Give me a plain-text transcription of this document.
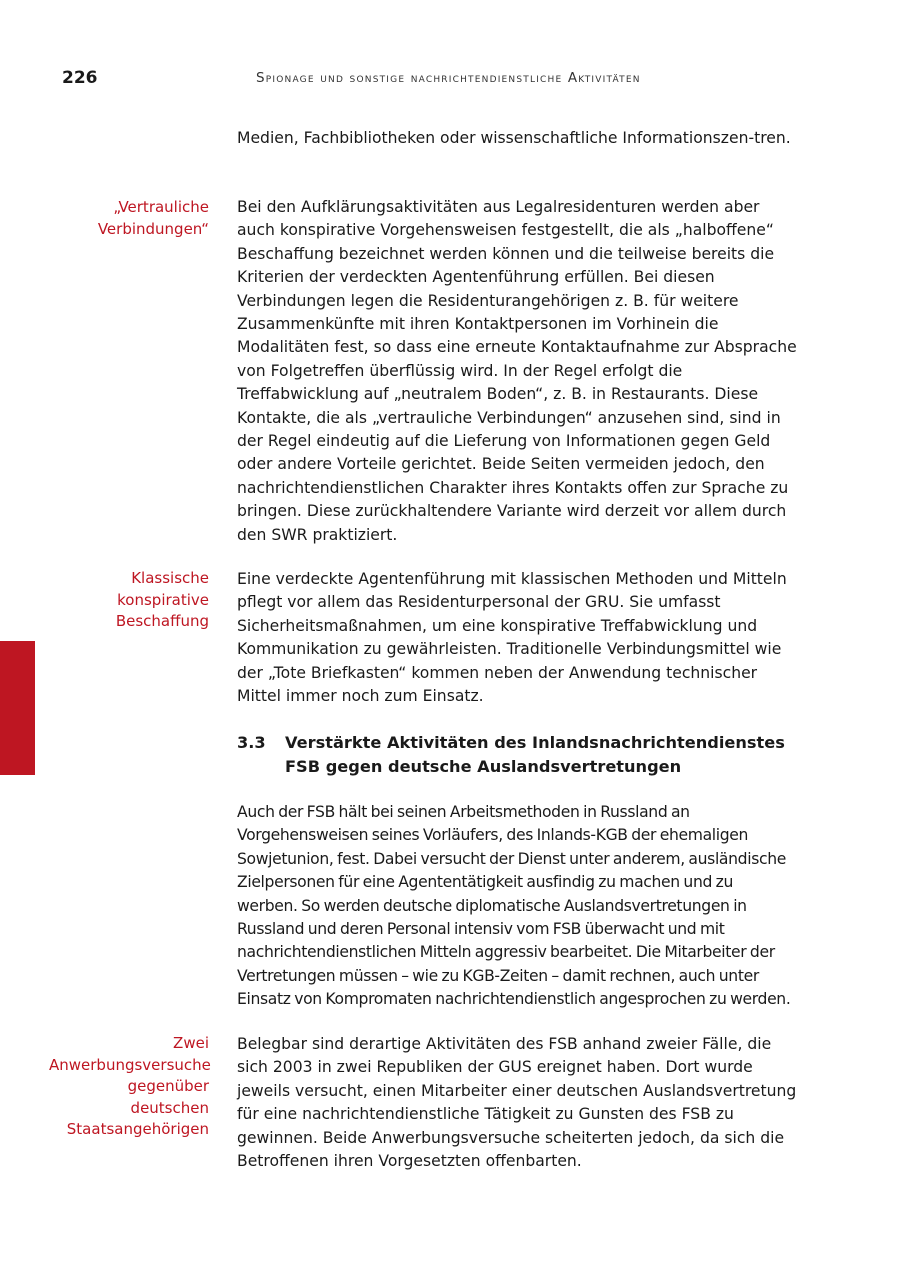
226	Spionage und sonstige nachrichtendienstliche Aktivitäten

Medien, Fachbibliotheken oder wissenschaftliche Informationszen-tren.

„Vertrauliche Verbindungen“

Bei den Aufklärungsaktivitäten aus Legalresidenturen werden aber auch konspirative Vorgehensweisen festgestellt, die als „halboffene“ Beschaffung bezeichnet werden können und die teilweise bereits die Kriterien der verdeckten Agentenführung erfüllen. Bei diesen Verbindungen legen die Residenturangehörigen z. B. für weitere Zusammenkünfte mit ihren Kontaktpersonen im Vorhinein die Modalitäten fest, so dass eine erneute Kontaktaufnahme zur Absprache von Folgetreffen überflüssig wird. In der Regel erfolgt die Treffabwicklung auf „neutralem Boden“, z. B. in Restaurants. Diese Kontakte, die als „vertrauliche Verbindungen“ anzusehen sind, sind in der Regel eindeutig auf die Lieferung von Informationen gegen Geld oder andere Vorteile gerichtet. Beide Seiten vermeiden jedoch, den nachrichtendienstlichen Charakter ihres Kontakts offen zur Sprache zu bringen. Diese zurückhaltendere Variante wird derzeit vor allem durch den SWR praktiziert.

Klassische konspirative Beschaffung

Eine verdeckte Agentenführung mit klassischen Methoden und Mitteln pflegt vor allem das Residenturpersonal der GRU. Sie umfasst Sicherheitsmaßnahmen, um eine konspirative Treffabwicklung und Kommunikation zu gewährleisten. Traditionelle Verbindungsmittel wie der „Tote Briefkasten“ kommen neben der Anwendung technischer Mittel immer noch zum Einsatz.

3.3 Verstärkte Aktivitäten des Inlandsnachrichtendienstes FSB gegen deutsche Auslandsvertretungen

Auch der FSB hält bei seinen Arbeitsmethoden in Russland an Vorgehensweisen seines Vorläufers, des Inlands-KGB der ehemaligen Sowjetunion, fest. Dabei versucht der Dienst unter anderem, ausländische Zielpersonen für eine Agententätigkeit ausfindig zu machen und zu werben. So werden deutsche diplomatische Auslandsvertretungen in Russland und deren Personal intensiv vom FSB überwacht und mit nachrichtendienstlichen Mitteln aggressiv bearbeitet. Die Mitarbeiter der Vertretungen müssen – wie zu KGB-Zeiten – damit rechnen, auch unter Einsatz von Kompromaten nachrichtendienstlich angesprochen zu werden.

Zwei Anwerbungsversuche gegenüber deutschen Staatsangehörigen

Belegbar sind derartige Aktivitäten des FSB anhand zweier Fälle, die sich 2003 in zwei Republiken der GUS ereignet haben. Dort wurde jeweils versucht, einen Mitarbeiter einer deutschen Auslandsvertretung für eine nachrichtendienstliche Tätigkeit zu Gunsten des FSB zu gewinnen. Beide Anwerbungsversuche scheiterten jedoch, da sich die Betroffenen ihren Vorgesetzten offenbarten.
